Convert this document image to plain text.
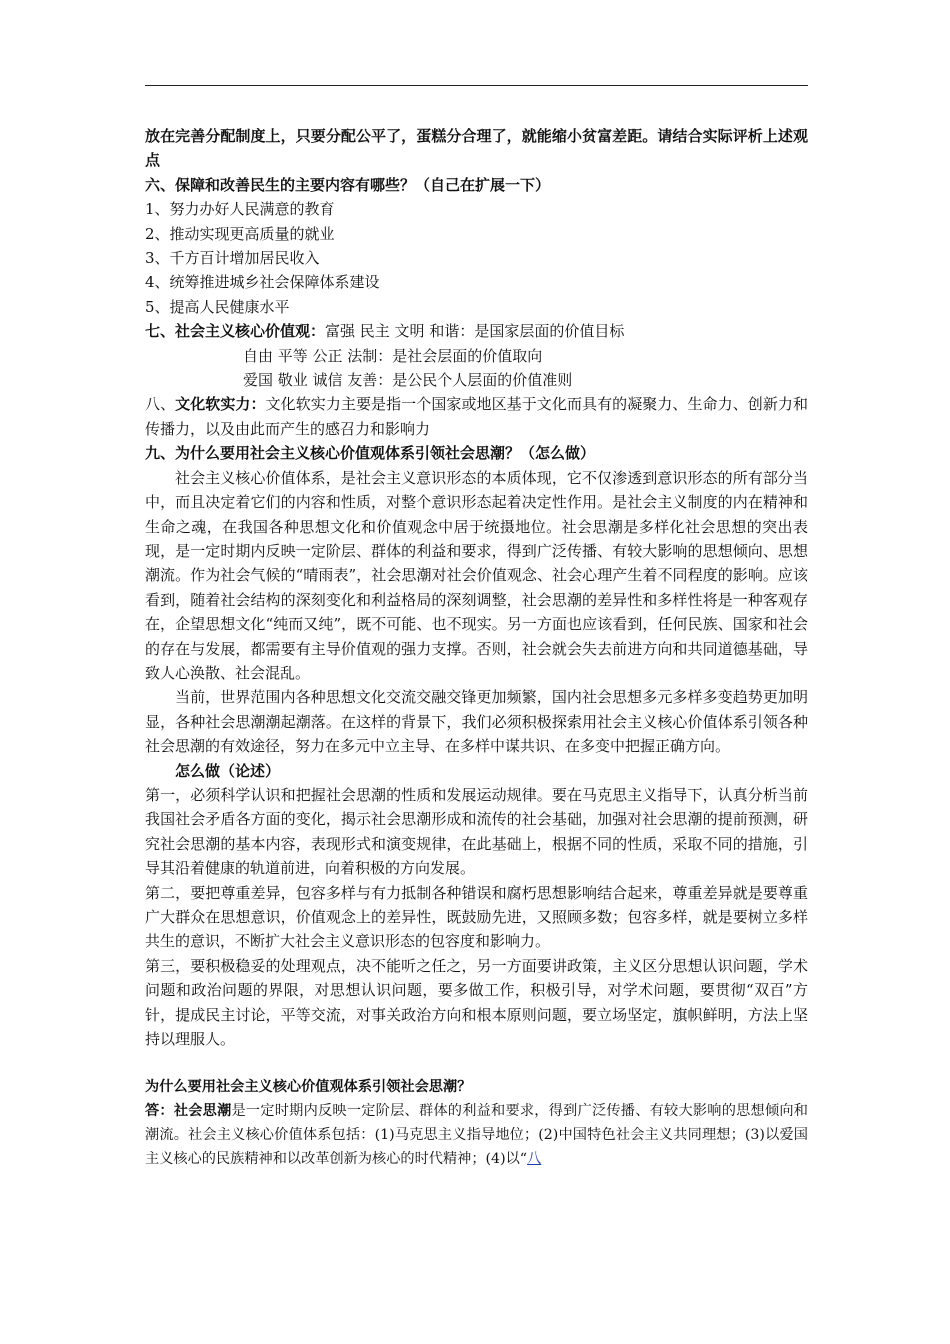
放在完善分配制度上，只要分配公平了，蛋糕分合理了，就能缩小贫富差距。请结合实际评析上述观点

六、保障和改善民生的主要内容有哪些？（自己在扩展一下）

1、努力办好人民满意的教育

2、推动实现更高质量的就业

3、千方百计增加居民收入

4、统筹推进城乡社会保障体系建设

5、提高人民健康水平

七、社会主义核心价值观：富强 民主 文明 和谐：是国家层面的价值目标

自由 平等 公正 法制：是社会层面的价值取向

爱国 敬业 诚信 友善：是公民个人层面的价值准则

八、文化软实力：文化软实力主要是指一个国家或地区基于文化而具有的凝聚力、生命力、创新力和传播力，以及由此而产生的感召力和影响力

九、为什么要用社会主义核心价值观体系引领社会思潮？（怎么做）

社会主义核心价值体系，是社会主义意识形态的本质体现，它不仅渗透到意识形态的所有部分当中，而且决定着它们的内容和性质，对整个意识形态起着决定性作用。是社会主义制度的内在精神和生命之魂，在我国各种思想文化和价值观念中居于统摄地位。社会思潮是多样化社会思想的突出表现，是一定时期内反映一定阶层、群体的利益和要求，得到广泛传播、有较大影响的思想倾向、思想潮流。作为社会气候的“晴雨表”，社会思潮对社会价值观念、社会心理产生着不同程度的影响。应该看到，随着社会结构的深刻变化和利益格局的深刻调整，社会思潮的差异性和多样性将是一种客观存在，企望思想文化“纯而又纯”，既不可能、也不现实。另一方面也应该看到，任何民族、国家和社会的存在与发展，都需要有主导价值观的强力支撑。否则，社会就会失去前进方向和共同道德基础，导致人心涣散、社会混乱。

当前，世界范围内各种思想文化交流交融交锋更加频繁，国内社会思想多元多样多变趋势更加明显，各种社会思潮潮起潮落。在这样的背景下，我们必须积极探索用社会主义核心价值体系引领各种社会思潮的有效途径，努力在多元中立主导、在多样中谋共识、在多变中把握正确方向。

怎么做（论述）

第一，必须科学认识和把握社会思潮的性质和发展运动规律。要在马克思主义指导下，认真分析当前我国社会矛盾各方面的变化，揭示社会思潮形成和流传的社会基础，加强对社会思潮的提前预测，研究社会思潮的基本内容，表现形式和演变规律，在此基础上，根据不同的性质，采取不同的措施，引导其沿着健康的轨道前进，向着积极的方向发展。

第二，要把尊重差异，包容多样与有力抵制各种错误和腐朽思想影响结合起来，尊重差异就是要尊重广大群众在思想意识，价值观念上的差异性，既鼓励先进，又照顾多数；包容多样，就是要树立多样共生的意识，不断扩大社会主义意识形态的包容度和影响力。

第三，要积极稳妥的处理观点，决不能听之任之，另一方面要讲政策，主义区分思想认识问题，学术问题和政治问题的界限，对思想认识问题，要多做工作，积极引导，对学术问题，要贯彻“双百”方针，提成民主讨论，平等交流，对事关政治方向和根本原则问题，要立场坚定，旗帜鲜明，方法上坚持以理服人。

为什么要用社会主义核心价值观体系引领社会思潮？

答：社会思潮是一定时期内反映一定阶层、群体的利益和要求，得到广泛传播、有较大影响的思想倾向和潮流。社会主义核心价值体系包括：(1)马克思主义指导地位；(2)中国特色社会主义共同理想；(3)以爱国主义核心的民族精神和以改革创新为核心的时代精神；(4)以“八
